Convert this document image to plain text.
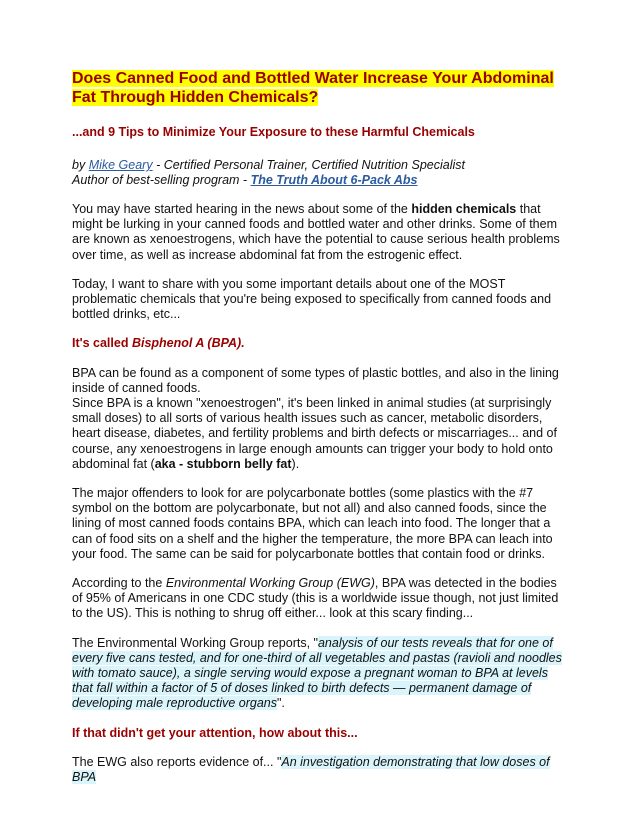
Does Canned Food and Bottled Water Increase Your Abdominal Fat Through Hidden Chemicals?
...and 9 Tips to Minimize Your Exposure to these Harmful Chemicals
by Mike Geary - Certified Personal Trainer, Certified Nutrition Specialist
Author of best-selling program - The Truth About 6-Pack Abs

You may have started hearing in the news about some of the hidden chemicals that might be lurking in your canned foods and bottled water and other drinks. Some of them are known as xenoestrogens, which have the potential to cause serious health problems over time, as well as increase abdominal fat from the estrogenic effect.

Today, I want to share with you some important details about one of the MOST problematic chemicals that you're being exposed to specifically from canned foods and bottled drinks, etc...

It's called Bisphenol A (BPA).

BPA can be found as a component of some types of plastic bottles, and also in the lining inside of canned foods.
Since BPA is a known "xenoestrogen", it's been linked in animal studies (at surprisingly small doses) to all sorts of various health issues such as cancer, metabolic disorders, heart disease, diabetes, and fertility problems and birth defects or miscarriages... and of course, any xenoestrogens in large enough amounts can trigger your body to hold onto abdominal fat (aka - stubborn belly fat).

The major offenders to look for are polycarbonate bottles (some plastics with the #7 symbol on the bottom are polycarbonate, but not all) and also canned foods, since the lining of most canned foods contains BPA, which can leach into food. The longer that a can of food sits on a shelf and the higher the temperature, the more BPA can leach into your food. The same can be said for polycarbonate bottles that contain food or drinks.

According to the Environmental Working Group (EWG), BPA was detected in the bodies of 95% of Americans in one CDC study (this is a worldwide issue though, not just limited to the US). This is nothing to shrug off either... look at this scary finding...

The Environmental Working Group reports, "analysis of our tests reveals that for one of every five cans tested, and for one-third of all vegetables and pastas (ravioli and noodles with tomato sauce), a single serving would expose a pregnant woman to BPA at levels that fall within a factor of 5 of doses linked to birth defects — permanent damage of developing male reproductive organs".

If that didn't get your attention, how about this...

The EWG also reports evidence of... "An investigation demonstrating that low doses of BPA
